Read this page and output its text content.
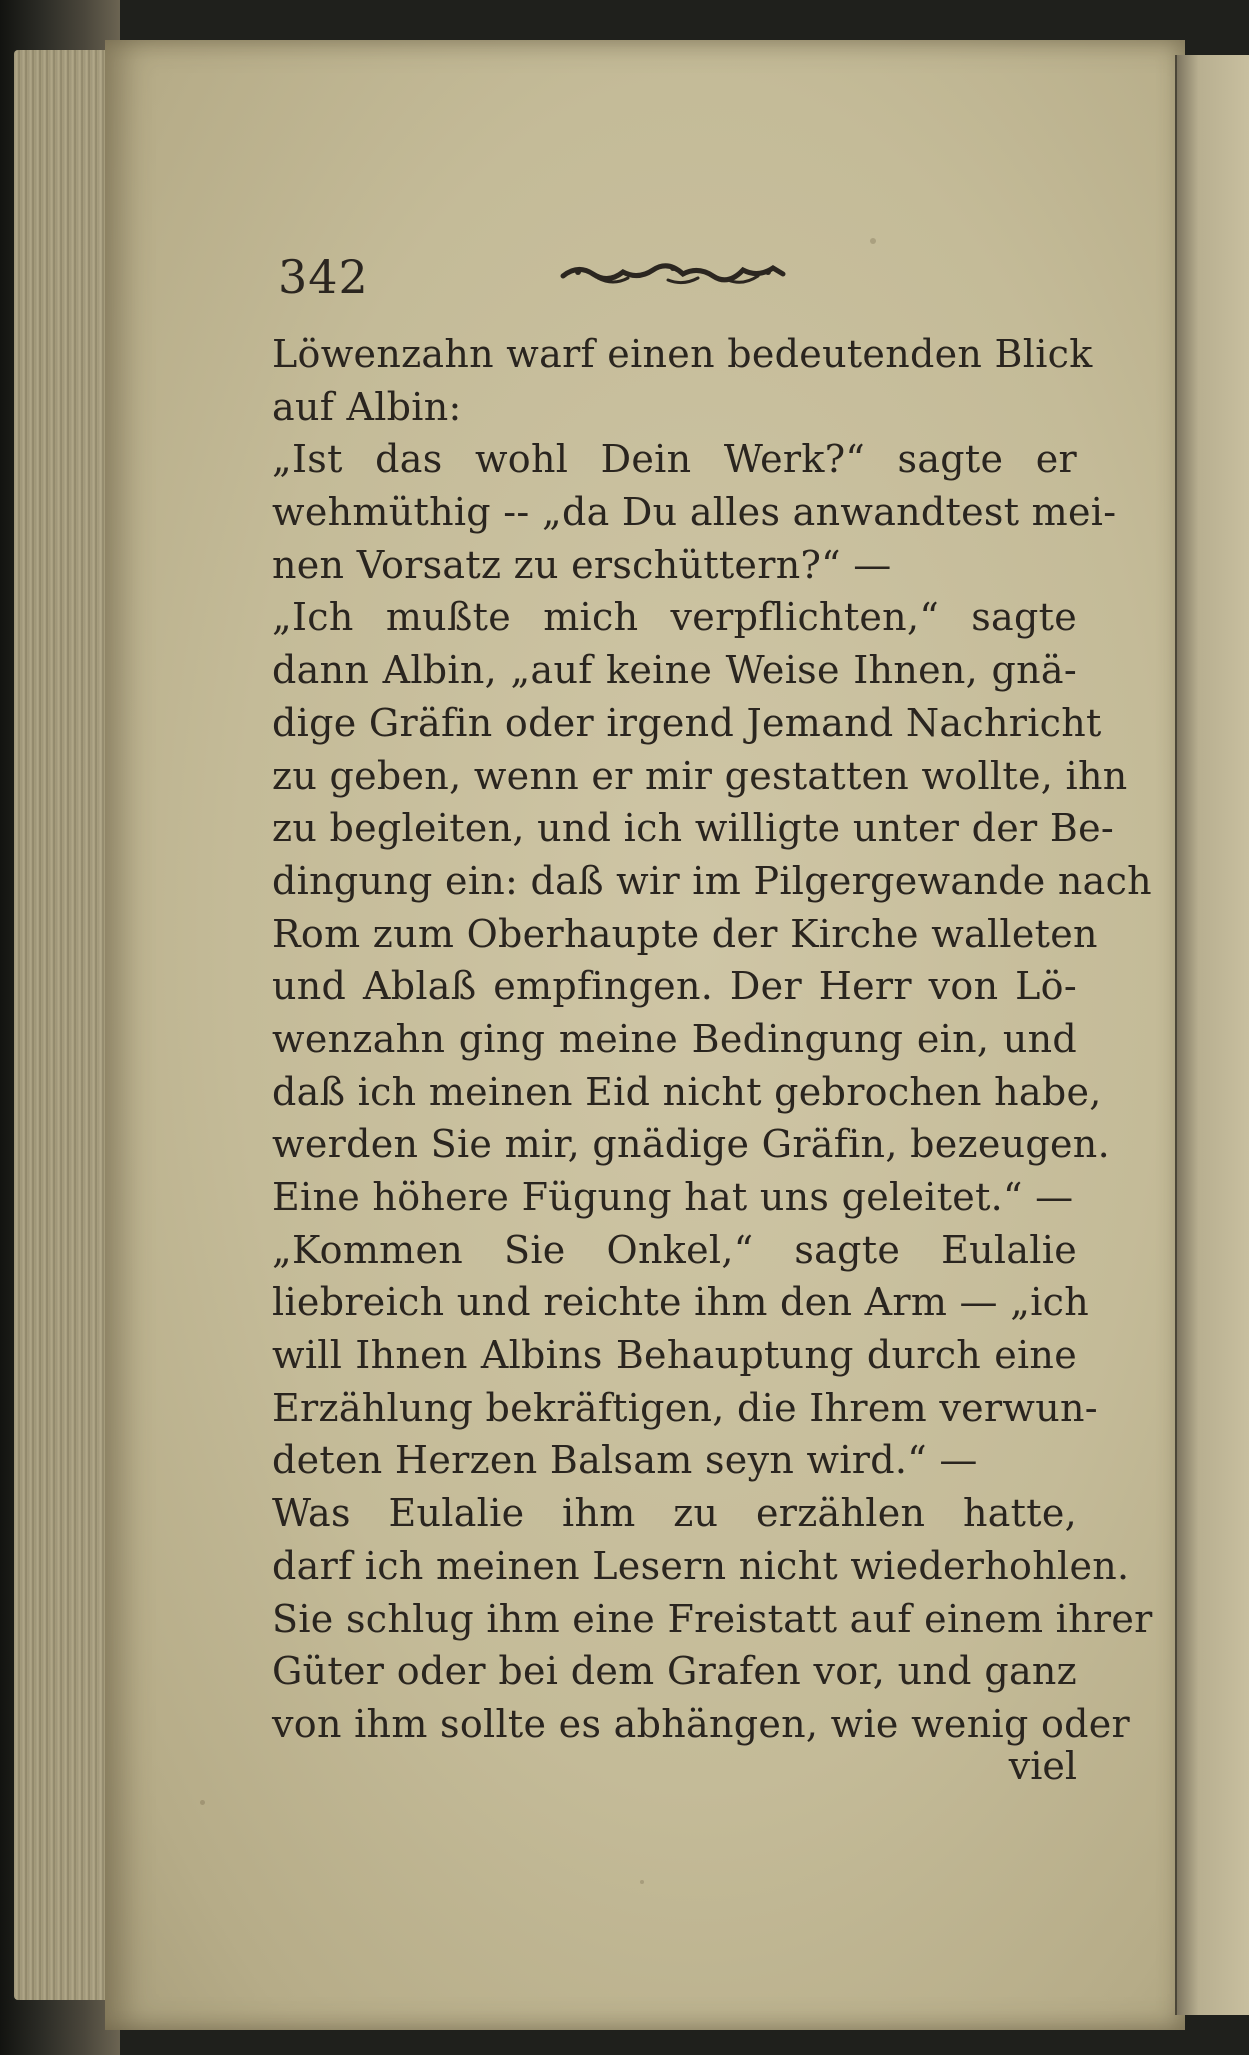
342
Löwenzahn warf einen bedeutenden Blick
auf Albin:
„Ist das wohl Dein Werk?“ sagte er
wehmüthig -- „da Du alles anwandtest mei-
nen Vorsatz zu erschüttern?“ —
„Ich mußte mich verpflichten,“ sagte
dann Albin, „auf keine Weise Ihnen, gnä-
dige Gräfin oder irgend Jemand Nachricht
zu geben, wenn er mir gestatten wollte, ihn
zu begleiten, und ich willigte unter der Be-
dingung ein: daß wir im Pilgergewande nach
Rom zum Oberhaupte der Kirche walleten
und Ablaß empfingen. Der Herr von Lö-
wenzahn ging meine Bedingung ein, und
daß ich meinen Eid nicht gebrochen habe,
werden Sie mir, gnädige Gräfin, bezeugen.
Eine höhere Fügung hat uns geleitet.“ —
„Kommen Sie Onkel,“ sagte Eulalie
liebreich und reichte ihm den Arm — „ich
will Ihnen Albins Behauptung durch eine
Erzählung bekräftigen, die Ihrem verwun-
deten Herzen Balsam seyn wird.“ —
Was Eulalie ihm zu erzählen hatte,
darf ich meinen Lesern nicht wiederhohlen.
Sie schlug ihm eine Freistatt auf einem ihrer
Güter oder bei dem Grafen vor, und ganz
von ihm sollte es abhängen, wie wenig oder
viel
